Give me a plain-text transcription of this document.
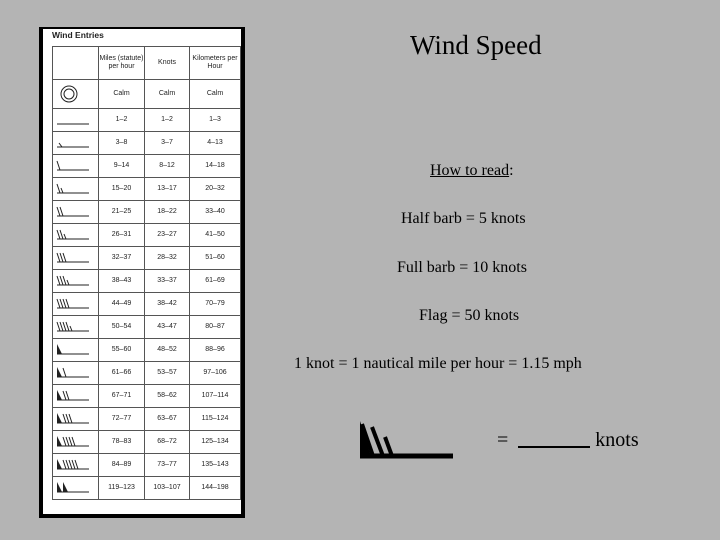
Wind Entries
	Miles (statute) per hour	Knots	Kilometers per Hour

	Calm	Calm	Calm

	1–2	1–2	1–3

	3–8	3–7	4–13

	9–14	8–12	14–18

	15–20	13–17	20–32

	21–25	18–22	33–40

	26–31	23–27	41–50

	32–37	28–32	51–60

	38–43	33–37	61–69

	44–49	38–42	70–79

	50–54	43–47	80–87

	55–60	48–52	88–96

	61–66	53–57	97–106

	67–71	58–62	107–114

	72–77	63–67	115–124

	78–83	68–72	125–134

	84–89	73–77	135–143

	119–123	103–107	144–198
Wind Speed
How to read:
Half barb = 5 knots
Full barb = 10 knots
Flag = 50 knots
1 knot = 1 nautical mile per hour = 1.15 mph
=	knots
